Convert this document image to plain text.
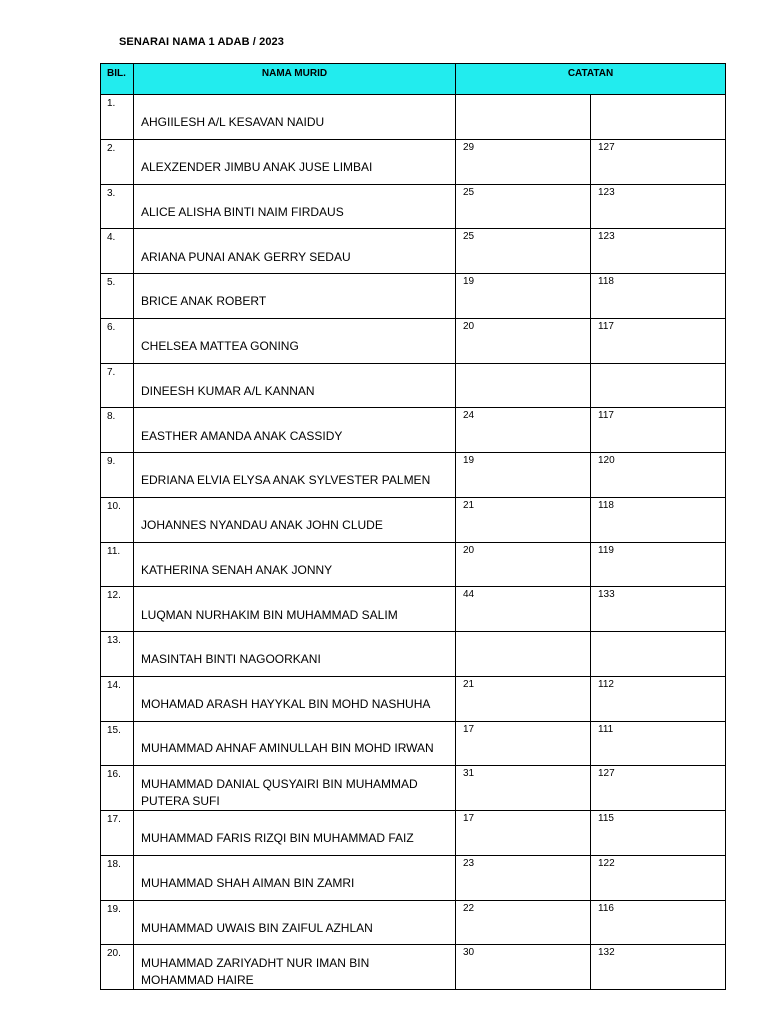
SENARAI NAMA 1 ADAB / 2023
BIL.	NAMA MURID	CATATAN	
1.	AHGIILESH A/L KESAVAN NAIDU		

2.	ALEXZENDER JIMBU ANAK JUSE LIMBAI	29	127
3.	ALICE ALISHA BINTI NAIM FIRDAUS	25	123
4.	ARIANA PUNAI ANAK GERRY SEDAU	25	123
5.	BRICE ANAK ROBERT	19	118
6.	CHELSEA MATTEA GONING	20	117
7.	DINEESH KUMAR A/L KANNAN		

8.	EASTHER AMANDA ANAK CASSIDY	24	117
9.	EDRIANA ELVIA ELYSA ANAK SYLVESTER PALMEN	19	120
10.	JOHANNES NYANDAU ANAK JOHN CLUDE	21	118
11.	KATHERINA SENAH ANAK JONNY	20	119
12.	LUQMAN NURHAKIM BIN MUHAMMAD SALIM	44	133
13.	MASINTAH BINTI NAGOORKANI		

14.	MOHAMAD ARASH HAYYKAL BIN MOHD NASHUHA	21	112
15.	MUHAMMAD AHNAF AMINULLAH BIN MOHD IRWAN	17	111
16.	MUHAMMAD DANIAL QUSYAIRI BIN MUHAMMAD PUTERA SUFI	31	127
17.	MUHAMMAD FARIS RIZQI BIN MUHAMMAD FAIZ	17	115
18.	MUHAMMAD SHAH AIMAN BIN ZAMRI	23	122
19.	MUHAMMAD UWAIS BIN ZAIFUL AZHLAN	22	116
20.	MUHAMMAD ZARIYADHT NUR IMAN BIN MOHAMMAD HAIRE	30	132
